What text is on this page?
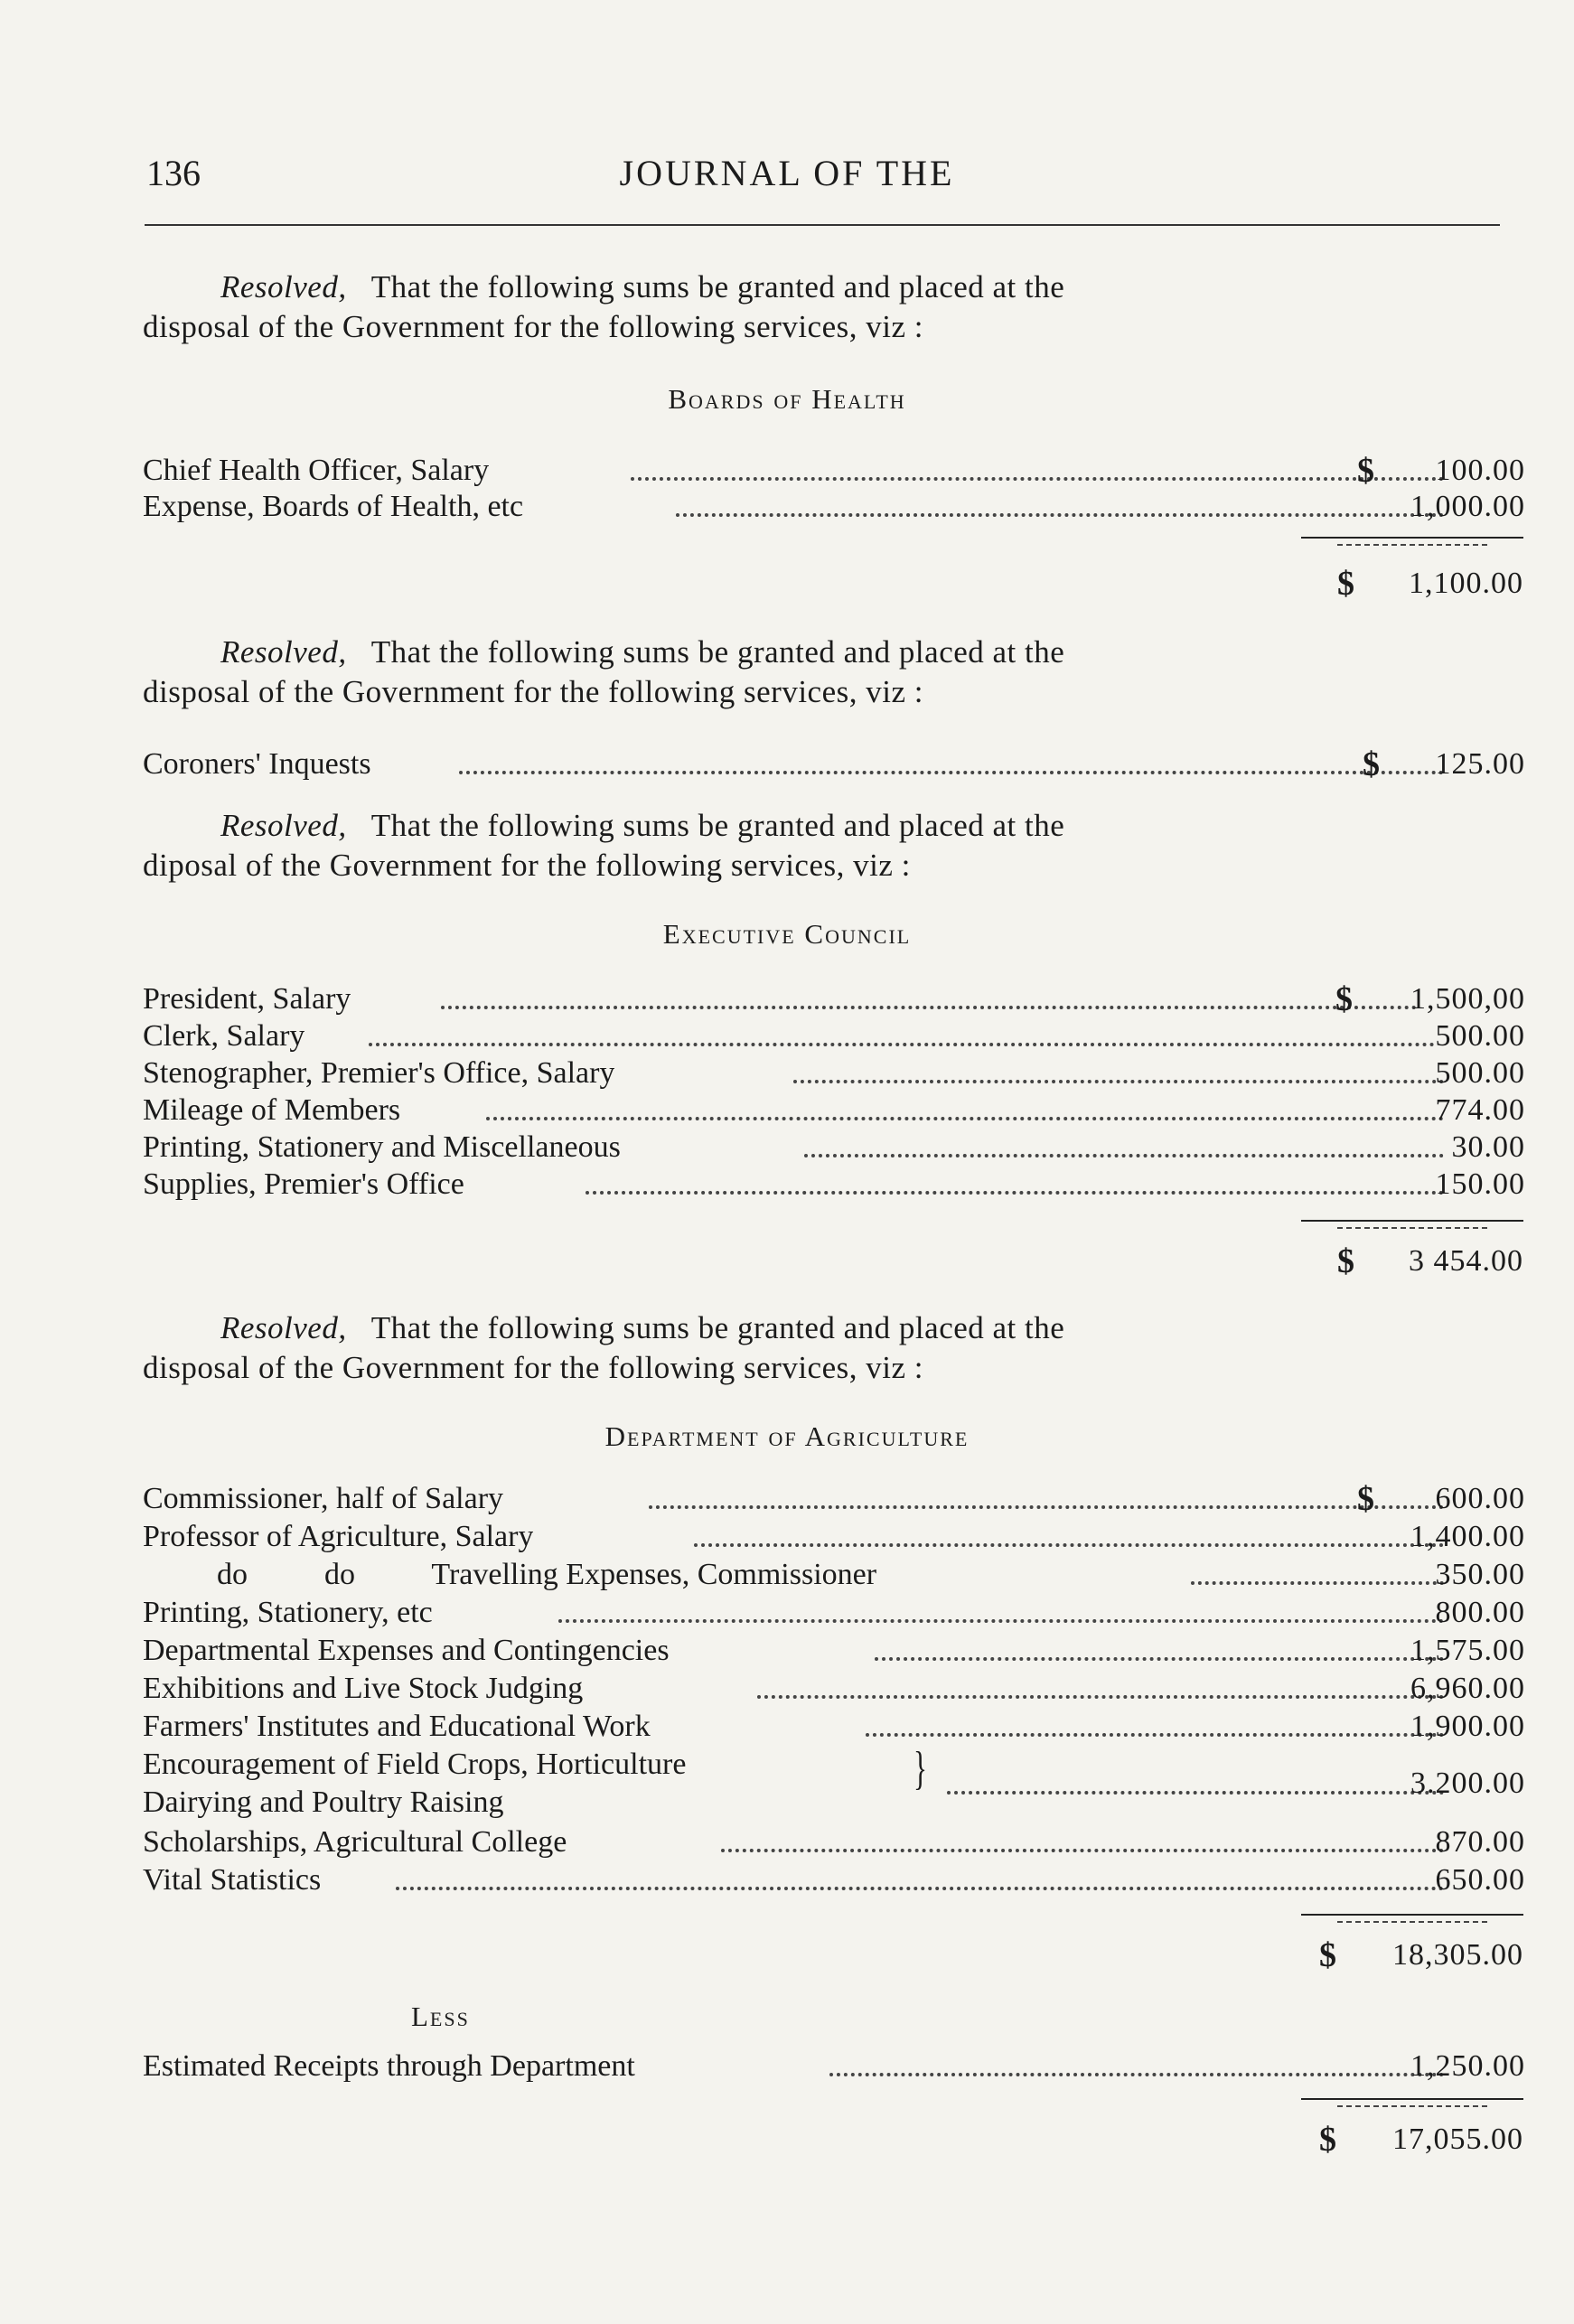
136	JOURNAL OF THE
Resolved, That the following sums be granted and placed at the
disposal of the Government for the following services, viz :
Boards of Health
Chief Health Officer, Salary	$	100.00
Expense, Boards of Health, etc	1,000.00
$ 1,100.00
Resolved, That the following sums be granted and placed at the
disposal of the Government for the following services, viz :
Coroners' Inquests	$	125.00
Resolved, That the following sums be granted and placed at the
diposal of the Government for the following services, viz :
Executive Council
President, Salary	$	1,500,00
Clerk, Salary	500.00
Stenographer, Premier's Office, Salary	500.00
Mileage of Members	774.00
Printing, Stationery and Miscellaneous	30.00
Supplies, Premier's Office	150.00
$ 3 454.00
Resolved, That the following sums be granted and placed at the
disposal of the Government for the following services, viz :
Department of Agriculture
Commissioner, half of Salary	$	600.00
Professor of Agriculture, Salary	1,400.00
do          do          Travelling Expenses, Commissioner	350.00
Printing, Stationery, etc	800.00
Departmental Expenses and Contingencies	1,575.00
Exhibitions and Live Stock Judging	6,960.00
Farmers' Institutes and Educational Work	1,900.00
Encouragement of Field Crops, Horticulture
Dairying and Poultry Raising
}	3.200.00
Scholarships, Agricultural College	870.00
Vital Statistics	650.00
$ 18,305.00
Less
Estimated Receipts through Department	1,250.00
$ 17,055.00
